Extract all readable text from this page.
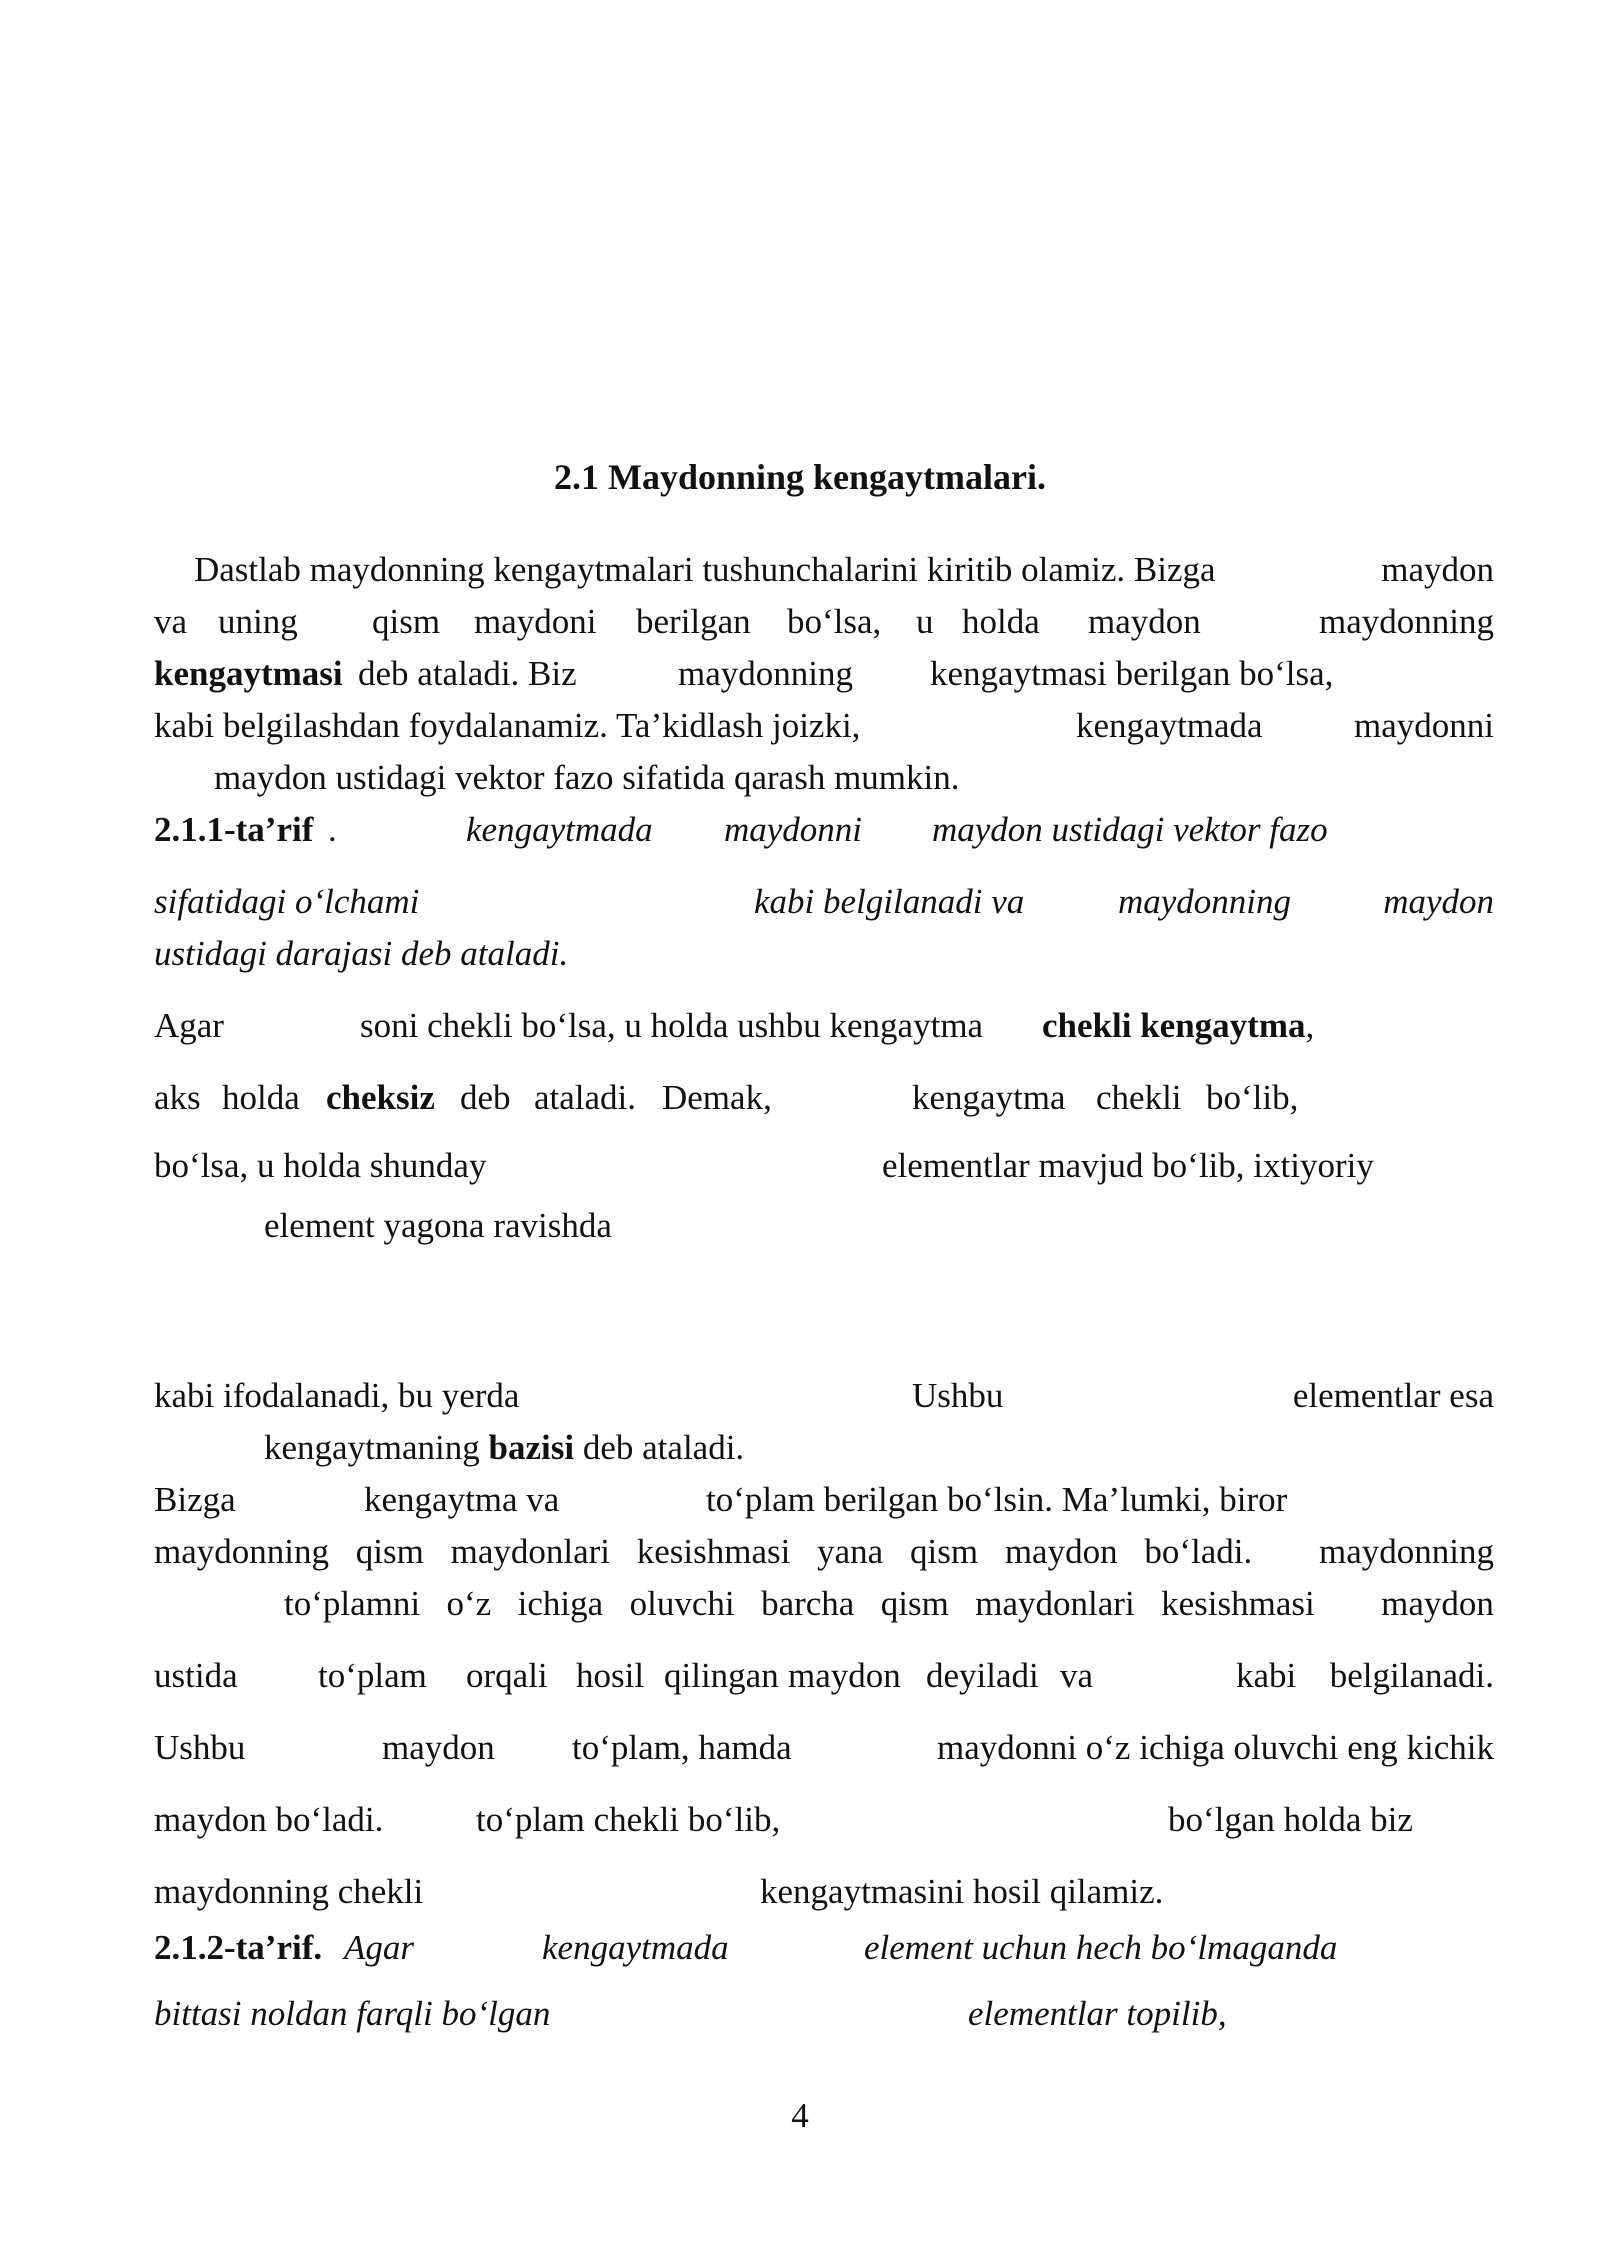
2.1 Maydonning kengaytmalari.
Dastlab maydonning kengaytmalari tushunchalarini kiritib olamiz. Bizga	maydon
va uning qism maydoni berilgan bo‘lsa, u holda maydon	maydonning
kengaytmasi deb ataladi. Biz	maydonning kengaytmasi berilgan bo‘lsa,
kabi belgilashdan foydalanamiz. Ta’kidlash joizki,	kengaytmada	maydonni
maydon ustidagi vektor fazo sifatida qarash mumkin.
2.1.1-ta’rif .	kengaytmada maydonni maydon ustidagi vektor fazo
sifatidagi o‘lchami	kabi belgilanadi va	maydonning	maydon
ustidagi darajasi deb ataladi.
Agar	soni chekli bo‘lsa, u holda ushbu kengaytma chekli kengaytma,
aks holda cheksiz deb ataladi. Demak,	kengaytma chekli bo‘lib,
bo‘lsa, u holda shunday	elementlar mavjud bo‘lib, ixtiyoriy
element yagona ravishda
kabi ifodalanadi, bu yerda	Ushbu	elementlar esa
kengaytmaning bazisi deb ataladi.
Bizga	kengaytma va	to‘plam berilgan bo‘lsin. Ma’lumki, biror
maydonning qism maydonlari kesishmasi yana qism maydon bo‘ladi. maydonning
to‘plamni o‘z ichiga oluvchi barcha qism maydonlari kesishmasi maydon
ustida to‘plam orqali hosil qilingan maydon deyiladi va	kabi belgilanadi.
Ushbu	maydon to‘plam, hamda	maydonni o‘z ichiga oluvchi eng kichik
maydon bo‘ladi.	to‘plam chekli bo‘lib,	bo‘lgan holda biz
maydonning chekli	kengaytmasini hosil qilamiz.
2.1.2-ta’rif. Agar	kengaytmada	element uchun hech bo‘lmaganda
bittasi noldan farqli bo‘lgan	elementlar topilib,
4
